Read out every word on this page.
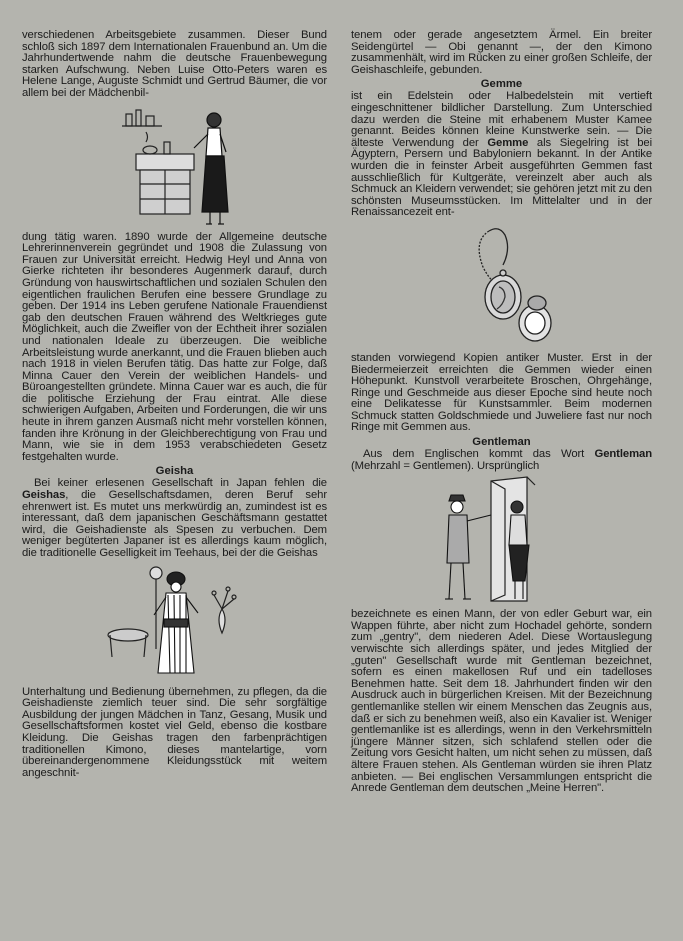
verschiedenen Arbeitsgebiete zusammen. Dieser Bund schloß sich 1897 dem Internationalen Frauenbund an. Um die Jahrhundertwende nahm die deutsche Frauenbewegung starken Aufschwung. Neben Luise Otto-Peters waren es Helene Lange, Auguste Schmidt und Gertrud Bäumer, die vor allem bei der Mädchenbil-

dung tätig waren. 1890 wurde der Allgemeine deutsche Lehrerinnenverein gegründet und 1908 die Zulassung von Frauen zur Universität erreicht. Hedwig Heyl und Anna von Gierke richteten ihr besonderes Augenmerk darauf, durch Gründung von hauswirtschaftlichen und sozialen Schulen den eigentlichen fraulichen Berufen eine bessere Grundlage zu geben. Der 1914 ins Leben gerufene Nationale Frauendienst gab den deutschen Frauen während des Weltkrieges gute Möglichkeit, auch die Zweifler von der Echtheit ihrer sozialen und nationalen Ideale zu überzeugen. Die weibliche Arbeitsleistung wurde anerkannt, und die Frauen blieben auch nach 1918 in vielen Berufen tätig. Das hatte zur Folge, daß Minna Cauer den Verein der weiblichen Handels- und Büroangestellten gründete. Minna Cauer war es auch, die für die politische Erziehung der Frau eintrat. Alle diese schwierigen Aufgaben, Arbeiten und Forderungen, die wir uns heute in ihrem ganzen Ausmaß nicht mehr vorstellen können, fanden ihre Krönung in der Gleichberechtigung von Frau und Mann, wie sie in dem 1953 verabschiedeten Gesetz festgehalten wurde.

Geisha

Bei keiner erlesenen Gesellschaft in Japan fehlen die Geishas, die Gesellschaftsdamen, deren Beruf sehr ehrenwert ist. Es mutet uns merkwürdig an, zumindest ist es interessant, daß dem japanischen Geschäftsmann gestattet wird, die Geishadienste als Spesen zu verbuchen. Dem weniger begüterten Japaner ist es allerdings kaum möglich, die traditionelle Geselligkeit im Teehaus, bei der die Geishas

Unterhaltung und Bedienung übernehmen, zu pflegen, da die Geishadienste ziemlich teuer sind. Die sehr sorgfältige Ausbildung der jungen Mädchen in Tanz, Gesang, Musik und Gesellschaftsformen kostet viel Geld, ebenso die kostbare Kleidung. Die Geishas tragen den farbenprächtigen traditionellen Kimono, dieses mantelartige, vorn übereinandergenommene Kleidungsstück mit weitem angeschnit-

tenem oder gerade angesetztem Ärmel. Ein breiter Seidengürtel — Obi genannt —, der den Kimono zusammenhält, wird im Rücken zu einer großen Schleife, der Geishaschleife, gebunden.

Gemme

ist ein Edelstein oder Halbedelstein mit vertieft eingeschnittener bildlicher Darstellung. Zum Unterschied dazu werden die Steine mit erhabenem Muster Kamee genannt. Beides können kleine Kunstwerke sein. — Die älteste Verwendung der Gemme als Siegelring ist bei Ägyptern, Persern und Babyloniern bekannt. In der Antike wurden die in feinster Arbeit ausgeführten Gemmen fast ausschließlich für Kultgeräte, vereinzelt aber auch als Schmuck an Kleidern verwendet; sie gehören jetzt mit zu den schönsten Museumsstücken. Im Mittelalter und in der Renaissancezeit ent-

standen vorwiegend Kopien antiker Muster. Erst in der Biedermeierzeit erreichten die Gemmen wieder einen Höhepunkt. Kunstvoll verarbeitete Broschen, Ohrgehänge, Ringe und Geschmeide aus dieser Epoche sind heute noch eine Delikatesse für Kunstsammler. Beim modernen Schmuck statten Goldschmiede und Juweliere fast nur noch Ringe mit Gemmen aus.

Gentleman

Aus dem Englischen kommt das Wort Gentleman (Mehrzahl = Gentlemen). Ursprünglich

bezeichnete es einen Mann, der von edler Geburt war, ein Wappen führte, aber nicht zum Hochadel gehörte, sondern zum „gentry", dem niederen Adel. Diese Wortauslegung verwischte sich allerdings später, und jedes Mitglied der „guten" Gesellschaft wurde mit Gentleman bezeichnet, sofern es einen makellosen Ruf und ein tadelloses Benehmen hatte. Seit dem 18. Jahrhundert finden wir den Ausdruck auch in bürgerlichen Kreisen. Mit der Bezeichnung gentlemanlike stellen wir einem Menschen das Zeugnis aus, daß er sich zu benehmen weiß, also ein Kavalier ist. Weniger gentlemanlike ist es allerdings, wenn in den Verkehrsmitteln jüngere Männer sitzen, sich schlafend stellen oder die Zeitung vors Gesicht halten, um nicht sehen zu müssen, daß ältere Frauen stehen. Als Gentleman würden sie ihren Platz anbieten. — Bei englischen Versammlungen entspricht die Anrede Gentleman dem deutschen „Meine Herren".
